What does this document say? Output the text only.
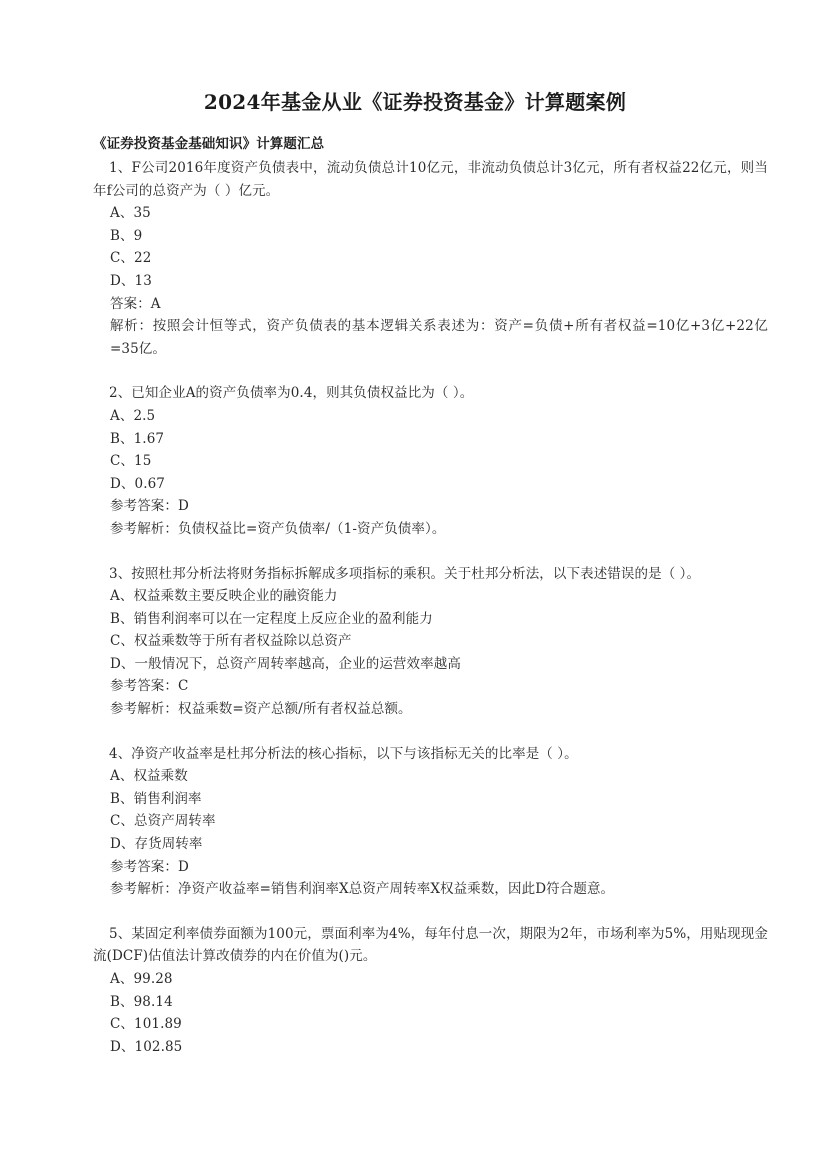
2024年基金从业《证券投资基金》计算题案例
《证券投资基金基础知识》计算题汇总
1、F公司2016年度资产负债表中，流动负债总计10亿元，非流动负债总计3亿元，所有者权益22亿元，则当年f公司的总资产为（ ）亿元。
A、35
B、9
C、22
D、13
答案：A
解析：按照会计恒等式，资产负债表的基本逻辑关系表述为：资产=负债+所有者权益=10亿+3亿+22亿=35亿。
2、已知企业A的资产负债率为0.4，则其负债权益比为（ ）。
A、2.5
B、1.67
C、15
D、0.67
参考答案：D
参考解析：负债权益比=资产负债率/（1-资产负债率）。
3、按照杜邦分析法将财务指标拆解成多项指标的乘积。关于杜邦分析法，以下表述错误的是（ ）。
A、权益乘数主要反映企业的融资能力
B、销售利润率可以在一定程度上反应企业的盈利能力
C、权益乘数等于所有者权益除以总资产
D、一般情况下，总资产周转率越高，企业的运营效率越高
参考答案：C
参考解析：权益乘数=资产总额/所有者权益总额。
4、净资产收益率是杜邦分析法的核心指标，以下与该指标无关的比率是（ ）。
A、权益乘数
B、销售利润率
C、总资产周转率
D、存货周转率
参考答案：D
参考解析：净资产收益率=销售利润率X总资产周转率X权益乘数，因此D符合题意。
5、某固定利率债券面额为100元，票面利率为4%，每年付息一次，期限为2年，市场利率为5%，用贴现现金流(DCF)估值法计算改债券的内在价值为()元。
A、99.28
B、98.14
C、101.89
D、102.85
